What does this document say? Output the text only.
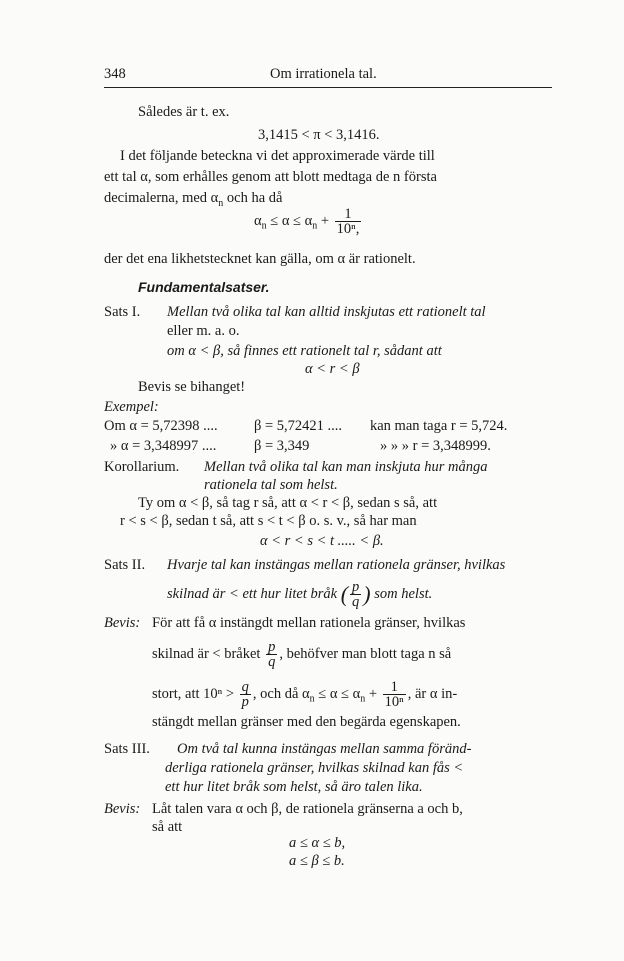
348	Om irrationela tal.
Således är t. ex.
3,1415 < π < 3,1416.
I det följande beteckna vi det approximerade värde till
ett tal α, som erhålles genom att blott medtaga de n första
decimalerna, med $\alpha_n$ och ha då
$\alpha_n \le \alpha \le \alpha_n + \frac{1}{\text{10ⁿ,}}$
der det ena likhetstecknet kan gälla, om α är rationelt.
Fundamentalsatser.
Sats I. Mellan två olika tal kan alltid inskjutas ett rationelt tal
eller m. a. o.
om α < β, så finnes ett rationelt tal r, sådant att
α < r < β
Bevis se bihanget!
Exempel:
Om α = 5,72398 ....	β = 5,72421 .... kan man taga r = 5,724.
» α = 3,348997 ....	β = 3,349	» » » r = 3,348999.
Korollarium. Mellan två olika tal kan man inskjuta hur många
rationela tal som helst.
Ty om α < β, så tag r så, att α < r < β, sedan s så, att
r < s < β, sedan t så, att s < t < β o. s. v., så har man
α < r < s < t ..... < β.
Sats II. Hvarje tal kan instängas mellan rationela gränser, hvilkas
skilnad är < ett hur litet bråk ( $\frac{p}{q}$ ) som helst.
Bevis: För att få α instängdt mellan rationela gränser, hvilkas
skilnad är < bråket $\frac{p}{q}$ , behöfver man blott taga n så
stort, att $10^n > \frac{q}{p}$ , och då $\alpha_n \le \alpha \le \alpha_n + \frac{1}{\text{10ⁿ}}$ , är α in-
stängdt mellan gränser med den begärda egenskapen.
Sats III. Om två tal kunna instängas mellan samma föränd-
derliga rationela gränser, hvilkas skilnad kan fås <
ett hur litet bråk som helst, så äro talen lika.
Bevis: Låt talen vara α och β, de rationela gränserna a och b,
så att
a ≤ α ≤ b,
a ≤ β ≤ b.
